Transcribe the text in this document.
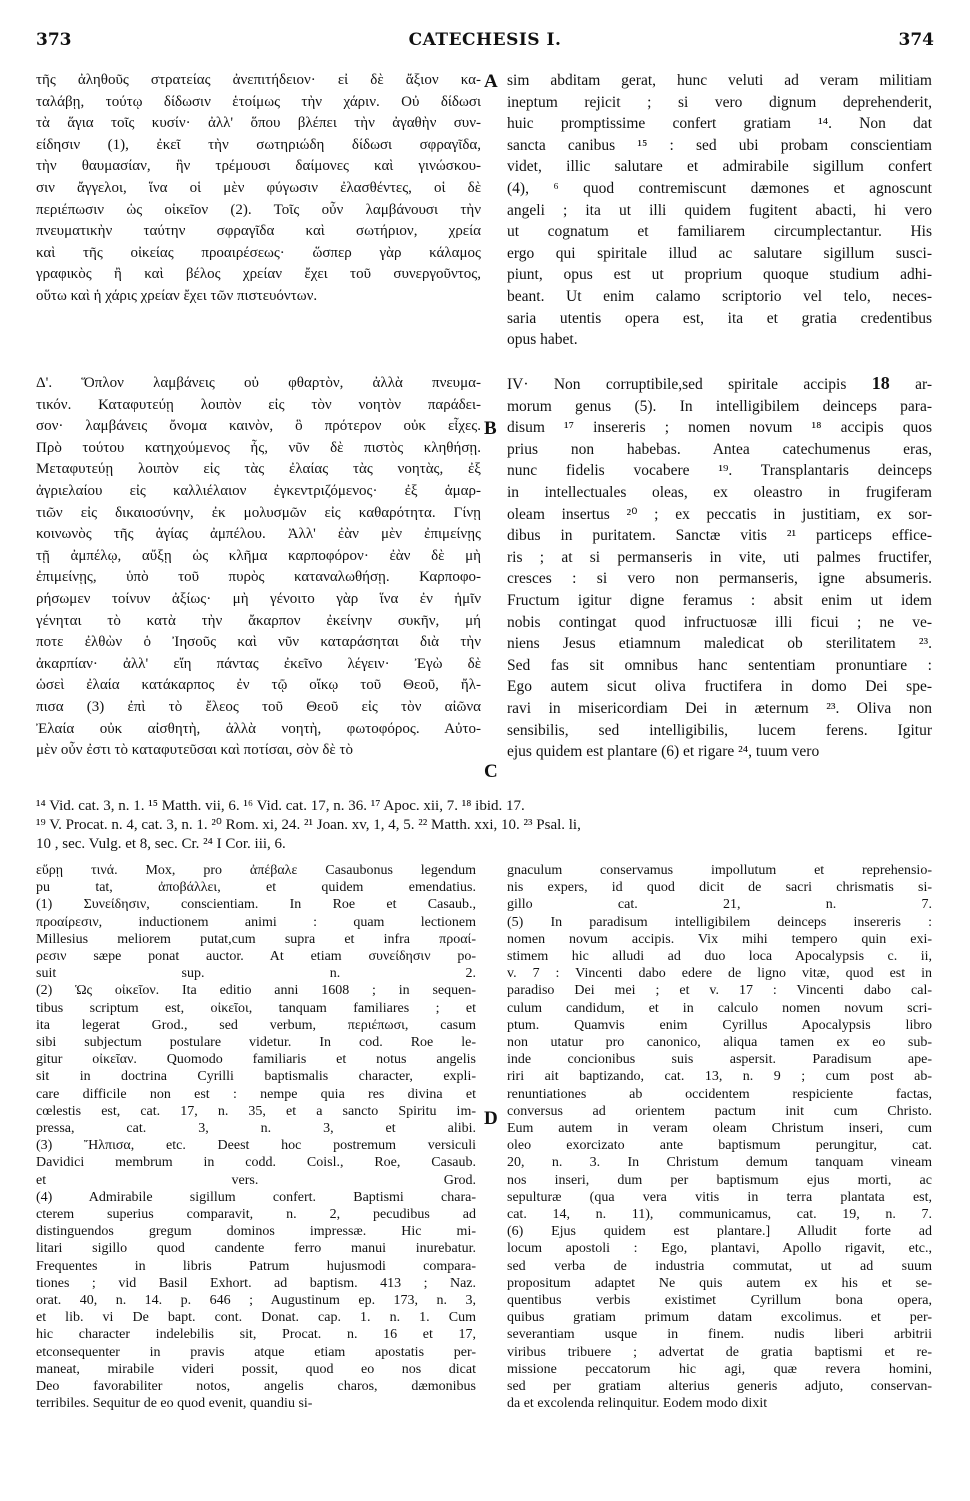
373	CATECHESIS I.	374
τῆς ἀληθοῦς στρατείας ἀνεπιτήδειον· εἰ δὲ ἄξιον κα-
ταλάβῃ, τούτῳ δίδωσιν ἑτοίμως τὴν χάριν. Οὐ δίδωσι
τὰ ἅγια τοῖς κυσίν· ἀλλ' ὅπου βλέπει τὴν ἀγαθὴν συν-
είδησιν (1), ἐκεῖ τὴν σωτηριώδη δίδωσι σφραγῖδα,
τὴν θαυμασίαν, ἣν τρέμουσι δαίμονες καὶ γινώσκου-
σιν ἄγγελοι, ἵνα οἱ μὲν φύγωσιν ἐλασθέντες, οἱ δὲ
περιέπωσιν ὡς οἰκεῖον (2). Τοῖς οὖν λαμβάνουσι τὴν
πνευματικὴν ταύτην σφραγῖδα καὶ σωτήριον, χρεία
καὶ τῆς οἰκείας προαιρέσεως· ὥσπερ γὰρ κάλαμος
γραφικὸς ἢ καὶ βέλος χρείαν ἔχει τοῦ συνεργοῦντος,
οὕτω καὶ ἡ χάρις χρείαν ἔχει τῶν πιστευόντων.
Δ'. Ὅπλον λαμβάνεις οὐ φθαρτὸν, ἀλλὰ πνευμα-
τικόν. Καταφυτεύῃ λοιπὸν εἰς τὸν νοητὸν παράδει-
σον· λαμβάνεις ὄνομα καινὸν, ὃ πρότερον οὐκ εἶχες.
Πρὸ τούτου κατηχούμενος ἦς, νῦν δὲ πιστὸς κληθήσῃ.
Μεταφυτεύῃ λοιπὸν εἰς τὰς ἐλαίας τὰς νοητὰς, ἐξ
ἀγριελαίου εἰς καλλιέλαιον ἐγκεντριζόμενος· ἐξ ἁμαρ-
τιῶν εἰς δικαιοσύνην, ἐκ μολυσμῶν εἰς καθαρότητα. Γίνῃ
κοινωνὸς τῆς ἁγίας ἀμπέλου. Ἀλλ' ἐὰν μὲν ἐπιμείνῃς
τῇ ἀμπέλῳ, αὔξῃ ὡς κλῆμα καρποφόρον· ἐὰν δὲ μὴ
ἐπιμείνῃς, ὑπὸ τοῦ πυρὸς καταναλωθήσῃ. Καρποφο-
ρήσωμεν τοίνυν ἀξίως· μὴ γένοιτο γὰρ ἵνα ἐν ἡμῖν
γένηται τὸ κατὰ τὴν ἄκαρπον ἐκείνην συκῆν, μή
ποτε ἐλθὼν ὁ Ἰησοῦς καὶ νῦν καταράσηται διὰ τὴν
ἀκαρπίαν· ἀλλ' εἴη πάντας ἐκεῖνο λέγειν· Ἐγὼ δὲ
ὡσεὶ ἐλαία κατάκαρπος ἐν τῷ οἴκῳ τοῦ Θεοῦ, ἤλ-
πισα (3) ἐπὶ τὸ ἔλεος τοῦ Θεοῦ εἰς τὸν αἰῶνα
Ἐλαία οὐκ αἰσθητὴ, ἀλλὰ νοητὴ, φωτοφόρος. Αὐτο-
μὲν οὖν ἐστι τὸ καταφυτεῦσαι καὶ ποτίσαι, σὸν δὲ τὸ
sim abditam gerat, hunc veluti ad veram militiam
ineptum rejicit ; si vero dignum deprehenderit,
huic promptissime confert gratiam ¹⁴. Non dat
sancta canibus ¹⁵ : sed ubi probam conscientiam
videt, illic salutare et admirabile sigillum confert
(4), ⁶ quod contremiscunt dæmones et agnoscunt
angeli ; ita ut illi quidem fugitent abacti, hi vero
ut cognatum et familiarem circumplectantur. His
ergo qui spiritale illud ac salutare sigillum susci-
piunt, opus est ut proprium quoque studium adhi-
beant. Ut enim calamo scriptorio vel telo, neces-
saria utentis opera est, ita et gratia credentibus
opus habet.
IV· Non corruptibile,sed spiritale accipis 18 ar-
morum genus (5). In intelligibilem deinceps para-
disum ¹⁷ insereris ; nomen novum ¹⁸ accipis quos
prius non habebas. Antea catechumenus eras,
nunc fidelis vocabere ¹⁹. Transplantaris deinceps
in intellectuales oleas, ex oleastro in frugiferam
oleam insertus ²⁰ ; ex peccatis in justitiam, ex sor-
dibus in puritatem. Sanctæ vitis ²¹ particeps effice-
ris ; at si permanseris in vite, uti palmes fructifer,
cresces : si vero non permanseris, igne absumeris.
Fructum igitur digne feramus : absit enim ut idem
nobis contingat quod infructuosæ illi ficui ; ne ve-
niens Jesus etiamnum maledicat ob sterilitatem ²³.
Sed fas sit omnibus hanc sententiam pronuntiare :
Ego autem sicut oliva fructifera in domo Dei spe-
ravi in misericordiam Dei in æternum ²³. Oliva non
sensibilis, sed intelligibilis, lucem ferens. Igitur
ejus quidem est plantare (6) et rigare ²⁴, tuum vero
A
B
C
D
¹⁴ Vid. cat. 3, n. 1. ¹⁵ Matth. vii, 6. ¹⁶ Vid. cat. 17, n. 36. ¹⁷ Apoc. xii, 7. ¹⁸ ibid. 17.
¹⁹ V. Procat. n. 4, cat. 3, n. 1. ²⁰ Rom. xi, 24. ²¹ Joan. xv, 1, 4, 5. ²² Matth. xxi, 10. ²³ Psal. li,
10 , sec. Vulg. et 8, sec. Cr. ²⁴ I Cor. iii, 6.
εὕρῃ τινά. Mox, pro ἀπέβαλε Casaubonus legendum
pu tat, ἀποβάλλει, et quidem emendatius.
(1) Συνείδησιν, conscientiam. In Roe et Casaub.,
προαίρεσιν, inductionem animi : quam lectionem
Millesius meliorem putat,cum supra et infra προαί-
ρεσιν sæpe ponat auctor. At etiam συνείδησιν po-
suit sup. n. 2.
(2) Ὡς οἰκεῖον. Ita editio anni 1608 ; in sequen-
tibus scriptum est, οἰκεῖοι, tanquam familiares ; et
ita legerat Grod., sed verbum, περιέπωσι, casum
sibi subjectum postulare videtur. In cod. Roe le-
gitur οἰκεῖαν. Quomodo familiaris et notus angelis
sit in doctrina Cyrilli baptismalis character, expli-
care difficile non est : nempe quia res divina et
cœlestis est, cat. 17, n. 35, et a sancto Spiritu im-
pressa, cat. 3, n. 3, et alibi.
(3) Ἤλπισα, etc. Deest hoc postremum versiculi
Davidici membrum in codd. Coisl., Roe, Casaub.
et vers. Grod.
(4) Admirabile sigillum confert. Baptismi chara-
cterem superius comparavit, n. 2, pecudibus ad
distinguendos gregum dominos impressæ. Hic mi-
litari sigillo quod candente ferro manui inurebatur.
Frequentes in libris Patrum hujusmodi compara-
tiones ; vid Basil Exhort. ad baptism. 413 ; Naz.
orat. 40, n. 14. p. 646 ; Augustinum ep. 173, n. 3,
et lib. vi De bapt. cont. Donat. cap. 1. n. 1. Cum
hic character indelebilis sit, Procat. n. 16 et 17,
etconsequenter in pravis atque etiam apostatis per-
maneat, mirabile videri possit, quod eo nos dicat
Deo favorabiliter notos, angelis charos, dæmonibus
terribiles. Sequitur de eo quod evenit, quandiu si-
gnaculum conservamus impollutum et reprehensio-
nis expers, id quod dicit de sacri chrismatis si-
gillo cat. 21, n. 7.
(5) In paradisum intelligibilem deinceps insereris :
nomen novum accipis. Vix mihi tempero quin exi-
stimem hic alludi ad duo loca Apocalypsis c. ii,
v. 7 : Vincenti dabo edere de ligno vitæ, quod est in
paradiso Dei mei ; et v. 17 : Vincenti dabo cal-
culum candidum, et in calculo nomen novum scri-
ptum. Quamvis enim Cyrillus Apocalypsis libro
non utatur pro canonico, aliqua tamen ex eo sub-
inde concionibus suis aspersit. Paradisum ape-
riri ait baptizando, cat. 13, n. 9 ; cum post ab-
renuntiationes ab occidentem respiciente factas,
conversus ad orientem pactum init cum Christo.
Eum autem in veram oleam Christum inseri, cum
oleo exorcizato ante baptismum perungitur, cat.
20, n. 3. In Christum demum tanquam vineam
nos inseri, dum per baptismum ejus morti, ac
sepulturæ (qua vera vitis in terra plantata est,
cat. 14, n. 11), communicamus, cat. 19, n. 7.
(6) Ejus quidem est plantare.] Alludit forte ad
locum apostoli : Ego, plantavi, Apollo rigavit, etc.,
sed verba de industria commutat, ut ad suum
propositum adaptet Ne quis autem ex his et se-
quentibus verbis existimet Cyrillum bona opera,
quibus gratiam primum datam excolimus. et per-
severantiam usque in finem. nudis liberi arbitrii
viribus tribuere ; advertat de gratia baptismi et re-
missione peccatorum hic agi, quæ revera homini,
sed per gratiam alterius generis adjuto, conservan-
da et excolenda relinquitur. Eodem modo dixit
